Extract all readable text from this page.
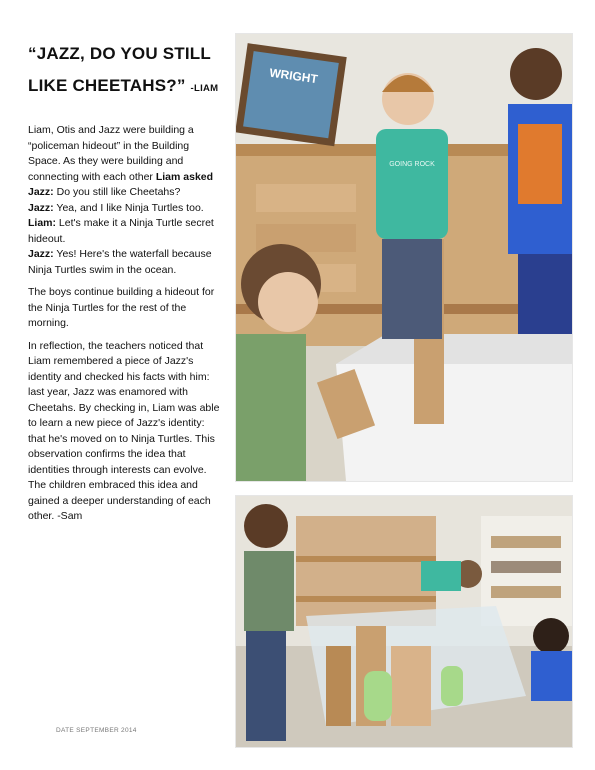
“JAZZ, DO YOU STILL LIKE CHEETAHS?” -LIAM

Liam, Otis and Jazz were building a “policeman hideout” in the Building Space. As they were building and connecting with each other Liam asked Jazz: Do you still like Cheetahs?
Jazz: Yea, and I like Ninja Turtles too.
Liam: Let's make it a Ninja Turtle secret hideout.
Jazz: Yes! Here's the waterfall because Ninja Turtles swim in the ocean.

The boys continue building a hideout for the Ninja Turtles for the rest of the morning.

In reflection, the teachers noticed that Liam remembered a piece of Jazz's identity and checked his facts with him: last year, Jazz was enamored with Cheetahs. By checking in, Liam was able to learn a new piece of Jazz's identity: that he's moved on to Ninja Turtles. This observation confirms the idea that identities through interests can evolve. The children embraced this idea and gained a deeper understanding of each other. -Sam

DATE SEPTEMBER 2014
WRIGHT
GOING ROCK
